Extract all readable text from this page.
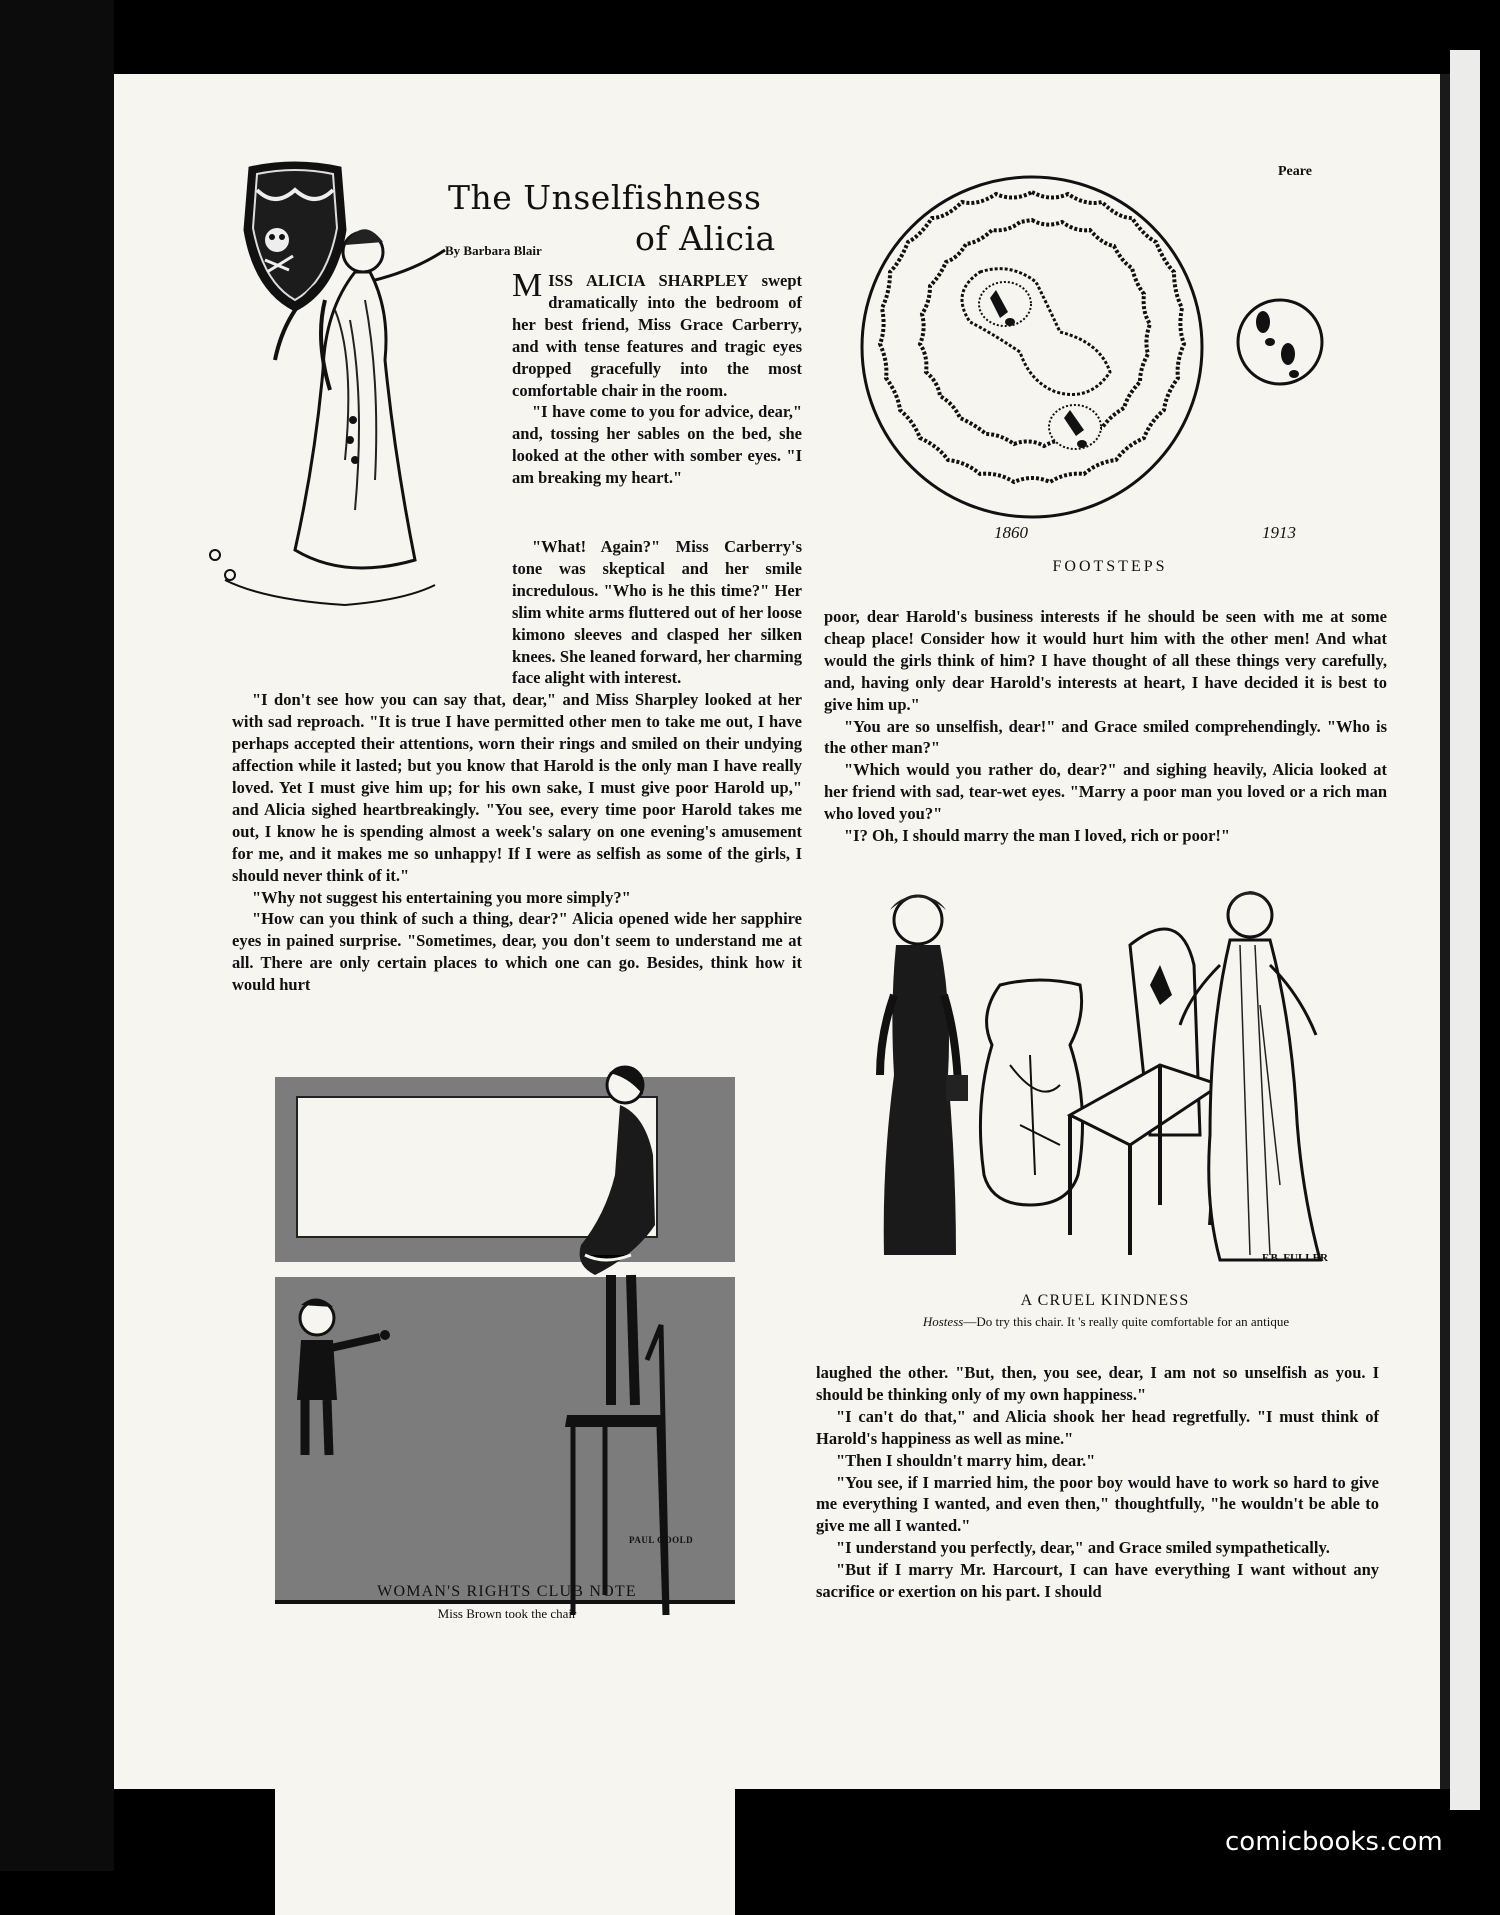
Peare
The Unselfishness
By Barbara Blair	of Alicia

MISS ALICIA SHARPLEY swept dramatically into the bedroom of her best friend, Miss Grace Carberry, and with tense features and tragic eyes dropped gracefully into the most comfortable chair in the room.

"I have come to you for advice, dear," and, tossing her sables on the bed, she looked at the other with somber eyes. "I am breaking my heart."

"What! Again?" Miss Carberry's tone was skeptical and her smile incredulous. "Who is he this time?" Her slim white arms fluttered out of her loose kimono sleeves and clasped her silken knees. She leaned forward, her charming face alight with interest.

"I don't see how you can say that, dear," and Miss Sharpley looked at her with sad reproach. "It is true I have permitted other men to take me out, I have perhaps accepted their attentions, worn their rings and smiled on their undying affection while it lasted; but you know that Harold is the only man I have really loved. Yet I must give him up; for his own sake, I must give poor Harold up," and Alicia sighed heartbreakingly. "You see, every time poor Harold takes me out, I know he is spending almost a week's salary on one evening's amusement for me, and it makes me so unhappy! If I were as selfish as some of the girls, I should never think of it."

"Why not suggest his entertaining you more simply?"

"How can you think of such a thing, dear?" Alicia opened wide her sapphire eyes in pained surprise. "Sometimes, dear, you don't seem to understand me at all. There are only certain places to which one can go. Besides, think how it would hurt

1860	1913
FOOTSTEPS

poor, dear Harold's business interests if he should be seen with me at some cheap place! Consider how it would hurt him with the other men! And what would the girls think of him? I have thought of all these things very carefully, and, having only dear Harold's interests at heart, I have decided it is best to give him up."

"You are so unselfish, dear!" and Grace smiled comprehendingly. "Who is the other man?"

"Which would you rather do, dear?" and sighing heavily, Alicia looked at her friend with sad, tear-wet eyes. "Marry a poor man you loved or a rich man who loved you?"

"I? Oh, I should marry the man I loved, rich or poor!"

F.B. FULLER
A CRUEL KINDNESS
Hostess—Do try this chair. It 's really quite comfortable for an antique

laughed the other. "But, then, you see, dear, I am not so unselfish as you. I should be thinking only of my own happiness."

"I can't do that," and Alicia shook her head regretfully. "I must think of Harold's happiness as well as mine."

"Then I shouldn't marry him, dear."

"You see, if I married him, the poor boy would have to work so hard to give me everything I wanted, and even then," thoughtfully, "he wouldn't be able to give me all I wanted."

"I understand you perfectly, dear," and Grace smiled sympathetically.

"But if I marry Mr. Harcourt, I can have everything I want without any sacrifice or exertion on his part. I should

PAUL GOOLD
WOMAN'S RIGHTS CLUB NOTE
Miss Brown took the chair
comicbooks.com
